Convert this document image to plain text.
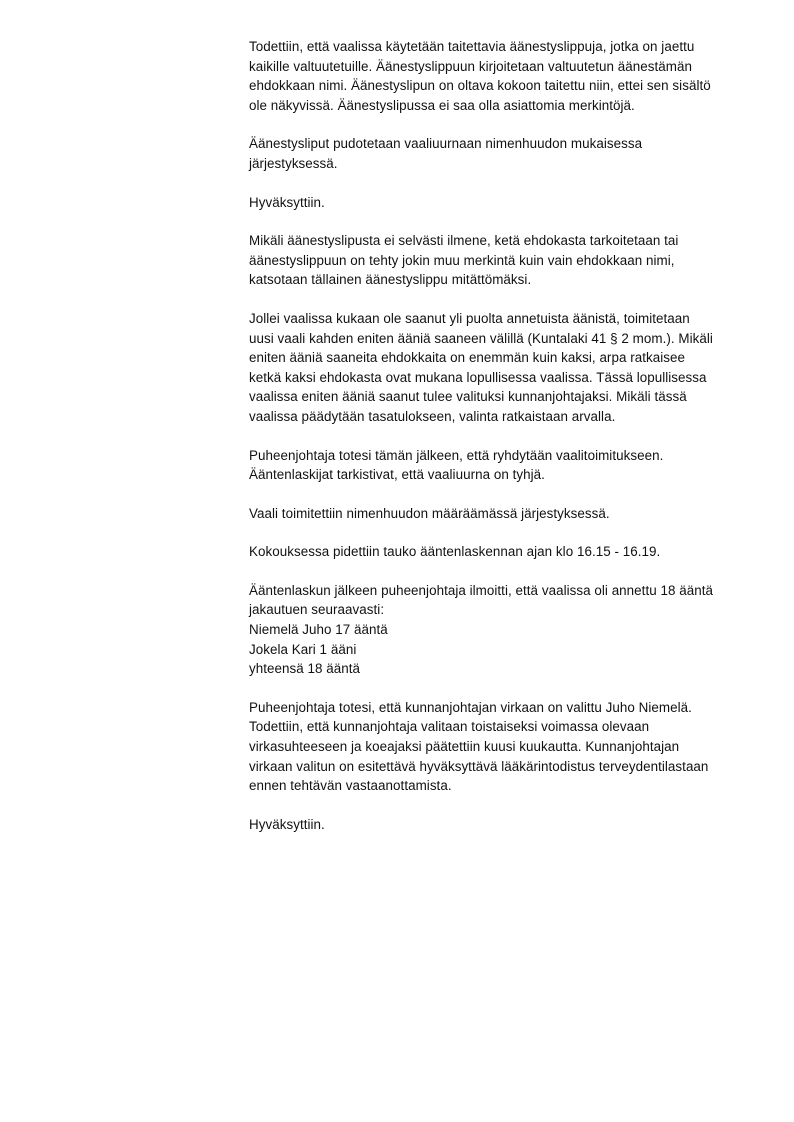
Todettiin, että vaalissa käytetään taitettavia äänestyslippuja, jotka on jaettu
kaikille valtuutetuille. Äänestyslippuun kirjoitetaan valtuutetun äänestämän
ehdokkaan nimi. Äänestyslipun on oltava kokoon taitettu niin, ettei sen sisältö
ole näkyvissä. Äänestyslipussa ei saa olla asiattomia merkintöjä.

Äänestysliput pudotetaan vaaliuurnaan nimenhuudon mukaisessa
järjestyksessä.

Hyväksyttiin.

Mikäli äänestyslipusta ei selvästi ilmene, ketä ehdokasta tarkoitetaan tai
äänestyslippuun on tehty jokin muu merkintä kuin vain ehdokkaan nimi,
katsotaan tällainen äänestyslippu mitättömäksi.

Jollei vaalissa kukaan ole saanut yli puolta annetuista äänistä, toimitetaan
uusi vaali kahden eniten ääniä saaneen välillä (Kuntalaki 41 § 2 mom.). Mikäli
eniten ääniä saaneita ehdokkaita on enemmän kuin kaksi, arpa ratkaisee
ketkä kaksi ehdokasta ovat mukana lopullisessa vaalissa. Tässä lopullisessa
vaalissa eniten ääniä saanut tulee valituksi kunnanjohtajaksi. Mikäli tässä
vaalissa päädytään tasatulokseen, valinta ratkaistaan arvalla.

Puheenjohtaja totesi tämän jälkeen, että ryhdytään vaalitoimitukseen.
Ääntenlaskijat tarkistivat, että vaaliuurna on tyhjä.

Vaali toimitettiin nimenhuudon määräämässä järjestyksessä.

Kokouksessa pidettiin tauko ääntenlaskennan ajan klo 16.15 - 16.19.

Ääntenlaskun jälkeen puheenjohtaja ilmoitti, että vaalissa oli annettu 18 ääntä
jakautuen seuraavasti:
Niemelä Juho 17 ääntä
Jokela Kari 1 ääni
yhteensä 18 ääntä

Puheenjohtaja totesi, että kunnanjohtajan virkaan on valittu Juho Niemelä.
Todettiin, että kunnanjohtaja valitaan toistaiseksi voimassa olevaan
virkasuhteeseen ja koeajaksi päätettiin kuusi kuukautta. Kunnanjohtajan
virkaan valitun on esitettävä hyväksyttävä lääkärintodistus terveydentilastaan
ennen tehtävän vastaanottamista.

Hyväksyttiin.
